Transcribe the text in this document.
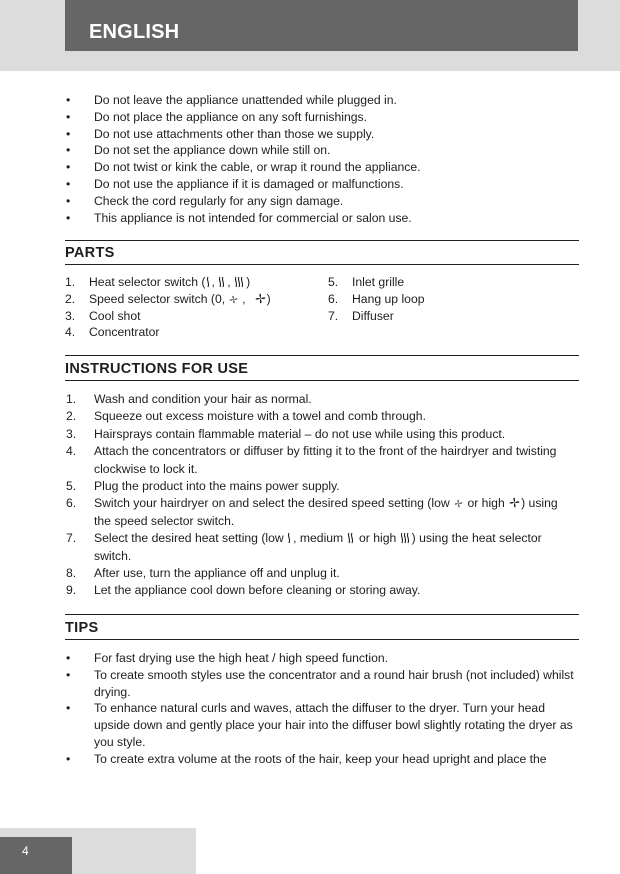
ENGLISH
• Do not leave the appliance unattended while plugged in.
• Do not place the appliance on any soft furnishings.
• Do not use attachments other than those we supply.
• Do not set the appliance down while still on.
• Do not twist or kink the cable, or wrap it round the appliance.
• Do not use the appliance if it is damaged or malfunctions.
• Check the cord regularly for any sign damage.
• This appliance is not intended for commercial or salon use.
PARTS
1. Heat selector switch ( , , )
2. Speed selector switch (0, , )
3. Cool shot
4. Concentrator
5. Inlet grille
6. Hang up loop
7. Diffuser
INSTRUCTIONS FOR USE
1. Wash and condition your hair as normal.
2. Squeeze out excess moisture with a towel and comb through.
3. Hairsprays contain flammable material – do not use while using this product.
4. Attach the concentrators or diffuser by fitting it to the front of the hairdryer and twisting clockwise to lock it.
5. Plug the product into the mains power supply.
6. Switch your hairdryer on and select the desired speed setting (low or high ) using the speed selector switch.
7. Select the desired heat setting (low , medium or high ) using the heat selector switch.
8. After use, turn the appliance off and unplug it.
9. Let the appliance cool down before cleaning or storing away.
TIPS
• For fast drying use the high heat / high speed function.
• To create smooth styles use the concentrator and a round hair brush (not included) whilst drying.
• To enhance natural curls and waves, attach the diffuser to the dryer. Turn your head upside down and gently place your hair into the diffuser bowl slightly rotating the dryer as you style.
• To create extra volume at the roots of the hair, keep your head upright and place the
4
